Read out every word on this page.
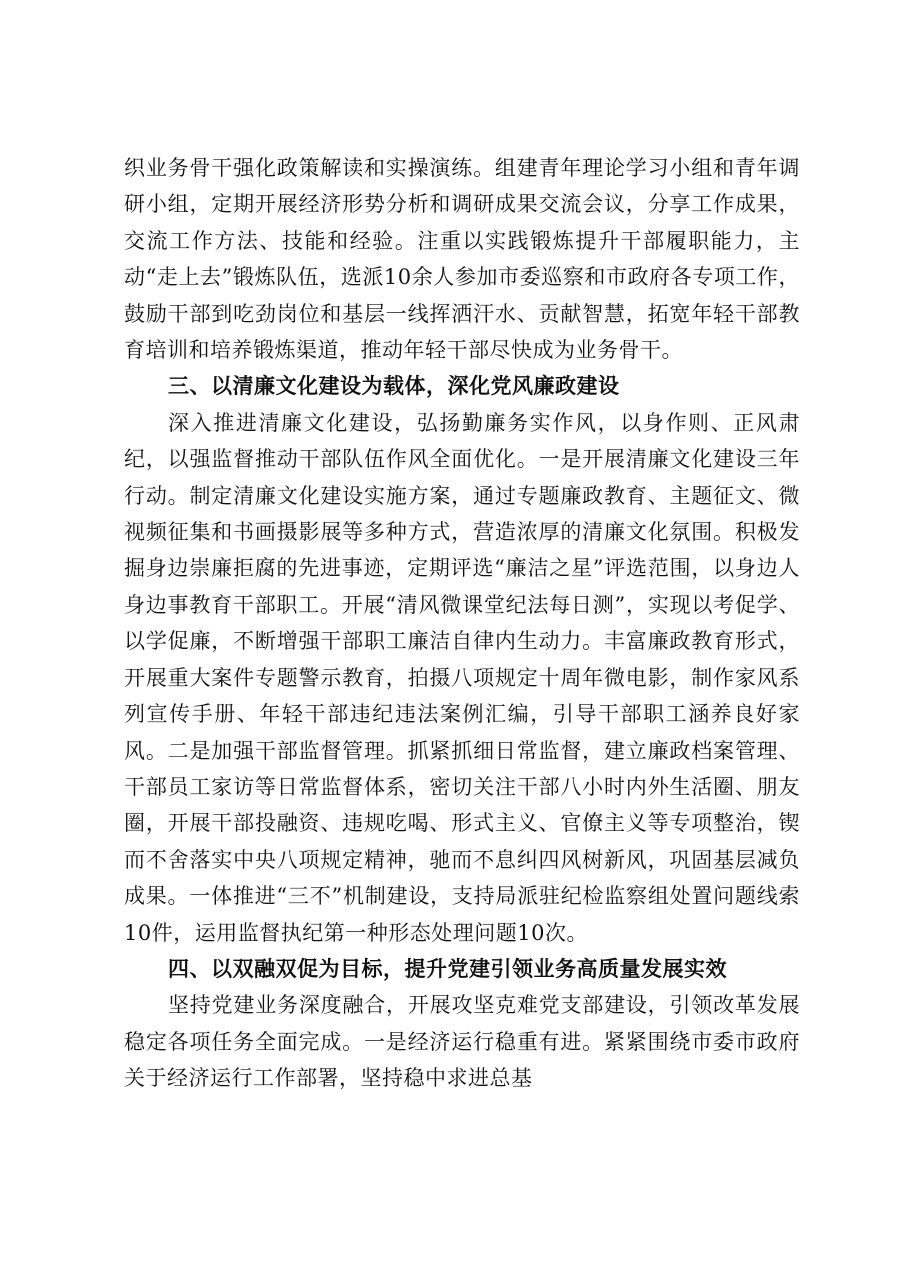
织业务骨干强化政策解读和实操演练。组建青年理论学习小组和青年调研小组，定期开展经济形势分析和调研成果交流会议，分享工作成果，交流工作方法、技能和经验。注重以实践锻炼提升干部履职能力，主动“走上去”锻炼队伍，选派10余人参加市委巡察和市政府各专项工作，鼓励干部到吃劲岗位和基层一线挥洒汗水、贡献智慧，拓宽年轻干部教育培训和培养锻炼渠道，推动年轻干部尽快成为业务骨干。

三、以清廉文化建设为载体，深化党风廉政建设

深入推进清廉文化建设，弘扬勤廉务实作风，以身作则、正风肃纪，以强监督推动干部队伍作风全面优化。一是开展清廉文化建设三年行动。制定清廉文化建设实施方案，通过专题廉政教育、主题征文、微视频征集和书画摄影展等多种方式，营造浓厚的清廉文化氛围。积极发掘身边崇廉拒腐的先进事迹，定期评选“廉洁之星”评选范围，以身边人身边事教育干部职工。开展“清风微课堂纪法每日测”，实现以考促学、以学促廉，不断增强干部职工廉洁自律内生动力。丰富廉政教育形式，开展重大案件专题警示教育，拍摄八项规定十周年微电影，制作家风系列宣传手册、年轻干部违纪违法案例汇编，引导干部职工涵养良好家风。二是加强干部监督管理。抓紧抓细日常监督，建立廉政档案管理、干部员工家访等日常监督体系，密切关注干部八小时内外生活圈、朋友圈，开展干部投融资、违规吃喝、形式主义、官僚主义等专项整治，锲而不舍落实中央八项规定精神，驰而不息纠四风树新风，巩固基层减负成果。一体推进“三不”机制建设，支持局派驻纪检监察组处置问题线索10件，运用监督执纪第一种形态处理问题10次。

四、以双融双促为目标，提升党建引领业务高质量发展实效

坚持党建业务深度融合，开展攻坚克难党支部建设，引领改革发展稳定各项任务全面完成。一是经济运行稳重有进。紧紧围绕市委市政府关于经济运行工作部署，坚持稳中求进总基
